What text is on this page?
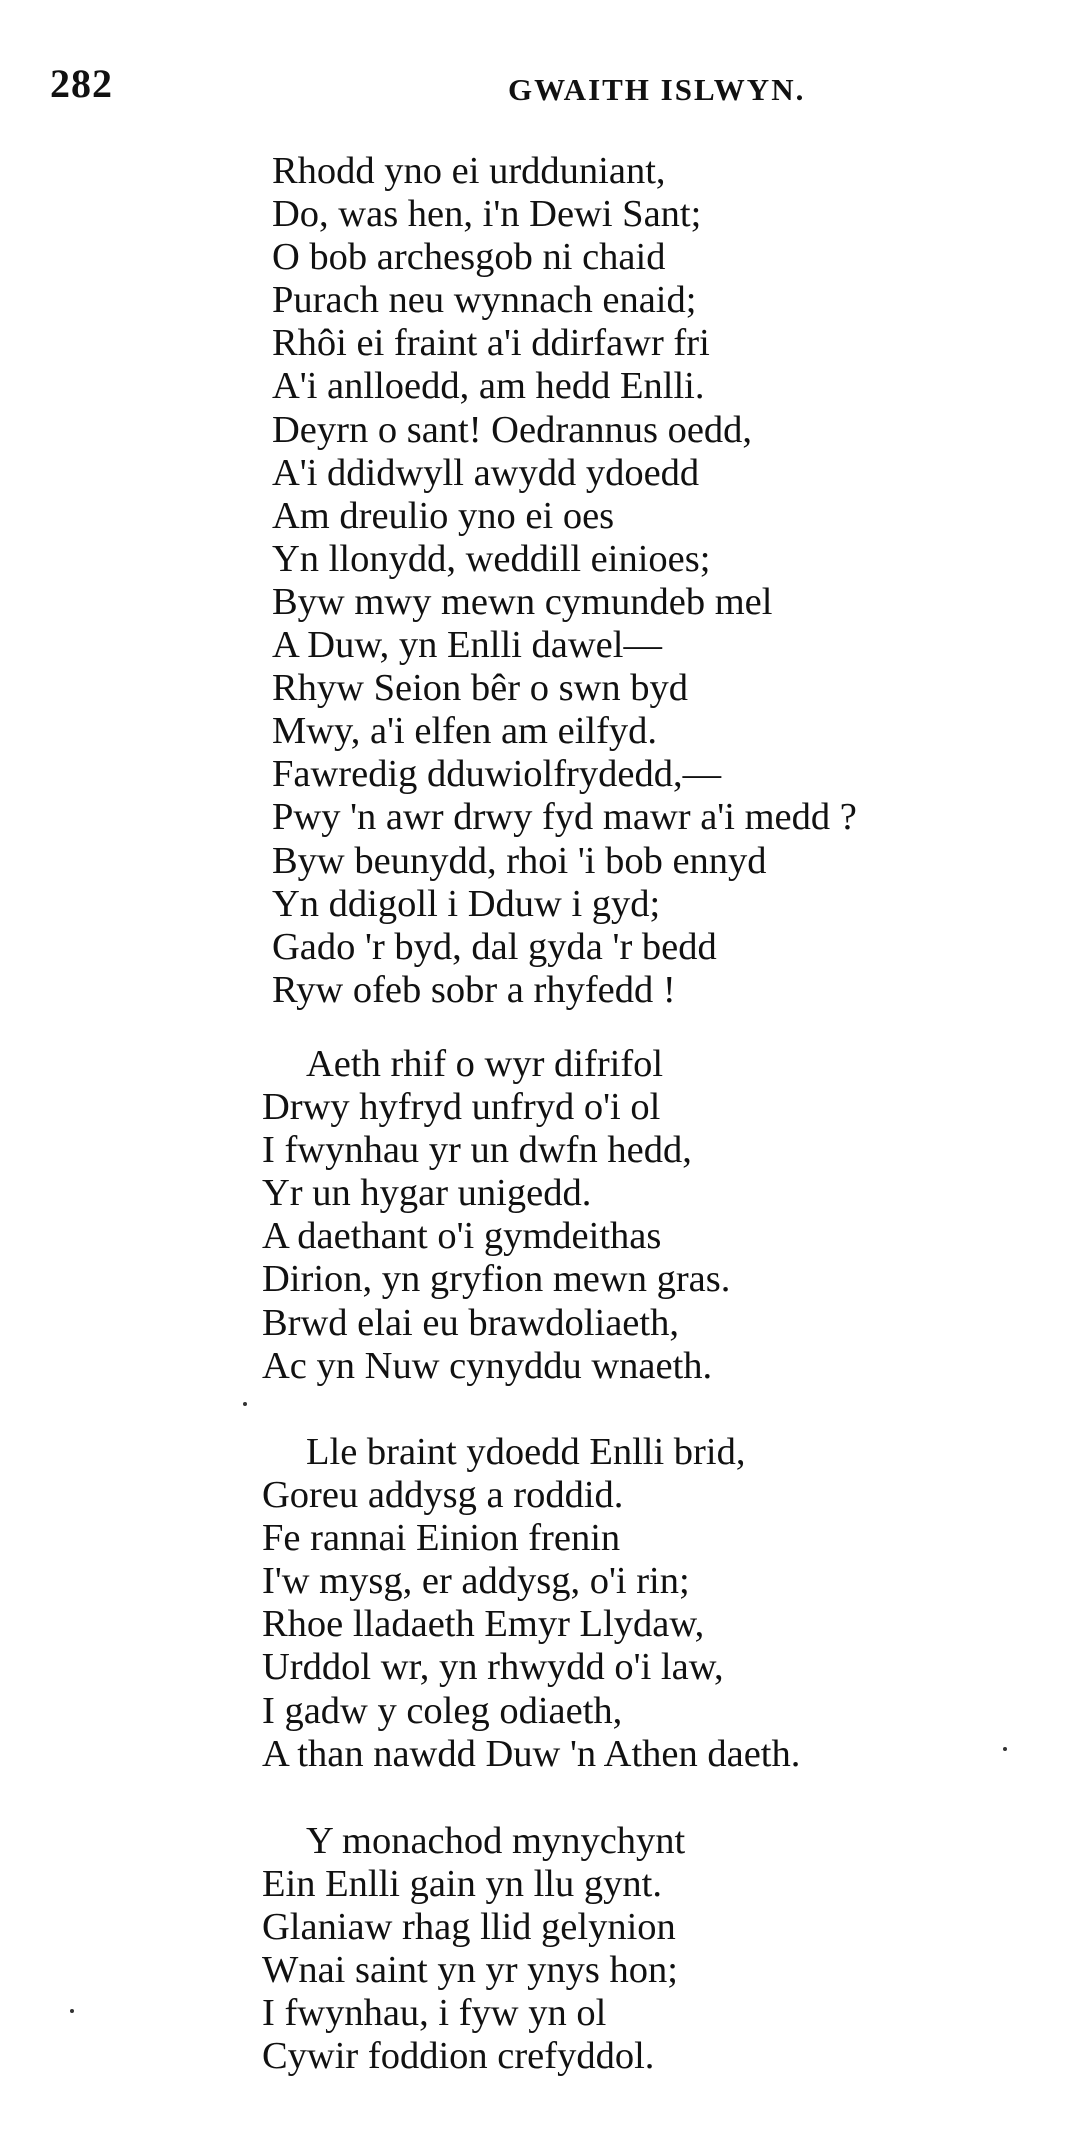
282	GWAITH ISLWYN.
Rhodd yno ei urdduniant,
Do, was hen, i'n Dewi Sant;
O bob archesgob ni chaid
Purach neu wynnach enaid;
Rhôi ei fraint a'i ddirfawr fri
A'i anlloedd, am hedd Enlli.
Deyrn o sant! Oedrannus oedd,
A'i ddidwyll awydd ydoedd
Am dreulio yno ei oes
Yn llonydd, weddill einioes;
Byw mwy mewn cymundeb mel
A Duw, yn Enlli dawel—
Rhyw Seion bêr o swn byd
Mwy, a'i elfen am eilfyd.
Fawredig dduwiolfrydedd,—
Pwy 'n awr drwy fyd mawr a'i medd ?
Byw beunydd, rhoi 'i bob ennyd
Yn ddigoll i Dduw i gyd;
Gado 'r byd, dal gyda 'r bedd
Ryw ofeb sobr a rhyfedd !
Aeth rhif o wyr difrifol
Drwy hyfryd unfryd o'i ol
I fwynhau yr un dwfn hedd,
Yr un hygar unigedd.
A daethant o'i gymdeithas
Dirion, yn gryfion mewn gras.
Brwd elai eu brawdoliaeth,
Ac yn Nuw cynyddu wnaeth.
Lle braint ydoedd Enlli brid,
Goreu addysg a roddid.
Fe rannai Einion frenin
I'w mysg, er addysg, o'i rin;
Rhoe lladaeth Emyr Llydaw,
Urddol wr, yn rhwydd o'i law,
I gadw y coleg odiaeth,
A than nawdd Duw 'n Athen daeth.
Y monachod mynychynt
Ein Enlli gain yn llu gynt.
Glaniaw rhag llid gelynion
Wnai saint yn yr ynys hon;
I fwynhau, i fyw yn ol
Cywir foddion crefyddol.
